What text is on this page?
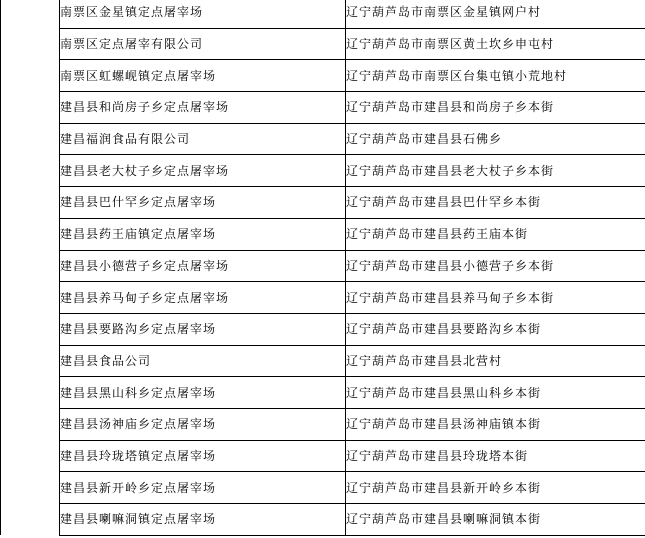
	南票区金星镇定点屠宰场	辽宁葫芦岛市南票区金星镇网户村	
	南票区定点屠宰有限公司	辽宁葫芦岛市南票区黄土坎乡申屯村	
	南票区虹螺岘镇定点屠宰场	辽宁葫芦岛市南票区台集屯镇小荒地村	
	建昌县和尚房子乡定点屠宰场	辽宁葫芦岛市建昌县和尚房子乡本街	
	建昌福润食品有限公司	辽宁葫芦岛市建昌县石佛乡	
	建昌县老大杖子乡定点屠宰场	辽宁葫芦岛市建昌县老大杖子乡本街	
	建昌县巴什罕乡定点屠宰场	辽宁葫芦岛市建昌县巴什罕乡本街	
	建昌县药王庙镇定点屠宰场	辽宁葫芦岛市建昌县药王庙本街	
	建昌县小德营子乡定点屠宰场	辽宁葫芦岛市建昌县小德营子乡本街	
	建昌县养马甸子乡定点屠宰场	辽宁葫芦岛市建昌县养马甸子乡本街	
	建昌县要路沟乡定点屠宰场	辽宁葫芦岛市建昌县要路沟乡本街	
	建昌县食品公司	辽宁葫芦岛市建昌县北营村	
	建昌县黑山科乡定点屠宰场	辽宁葫芦岛市建昌县黑山科乡本街	
	建昌县汤神庙乡定点屠宰场	辽宁葫芦岛市建昌县汤神庙镇本街	
	建昌县玲珑塔镇定点屠宰场	辽宁葫芦岛市建昌县玲珑塔本街	
	建昌县新开岭乡定点屠宰场	辽宁葫芦岛市建昌县新开岭乡本街	
	建昌县喇嘛洞镇定点屠宰场	辽宁葫芦岛市建昌县喇嘛洞镇本街	
